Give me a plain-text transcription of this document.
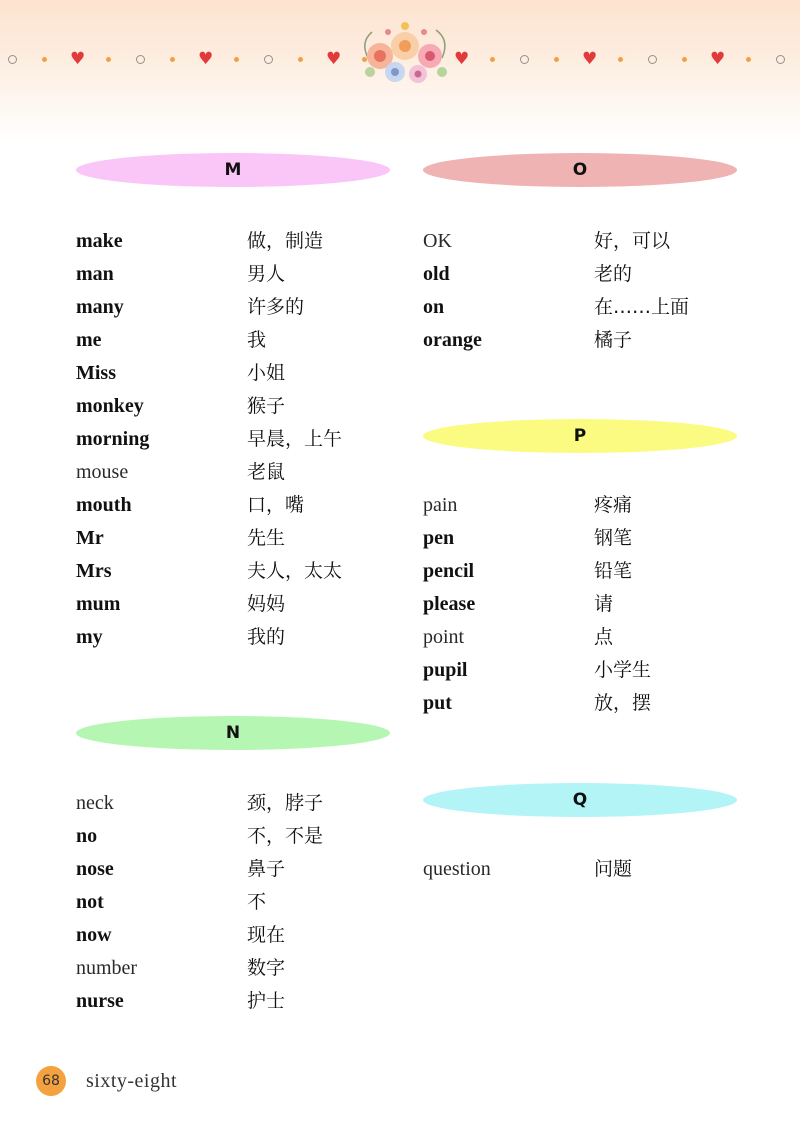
♥	♥	♥	♥	♥	♥
M
make	做，制造
man	男人
many	许多的
me	我
Miss	小姐
monkey	猴子
morning	早晨，上午
mouse	老鼠
mouth	口，嘴
Mr	先生
Mrs	夫人，太太
mum	妈妈
my	我的
N
neck	颈，脖子
no	不，不是
nose	鼻子
not	不
now	现在
number	数字
nurse	护士
O
OK	好，可以
old	老的
on	在……上面
orange	橘子
P
pain	疼痛
pen	钢笔
pencil	铅笔
please	请
point	点
pupil	小学生
put	放，摆
Q
question	问题
68	sixty-eight
